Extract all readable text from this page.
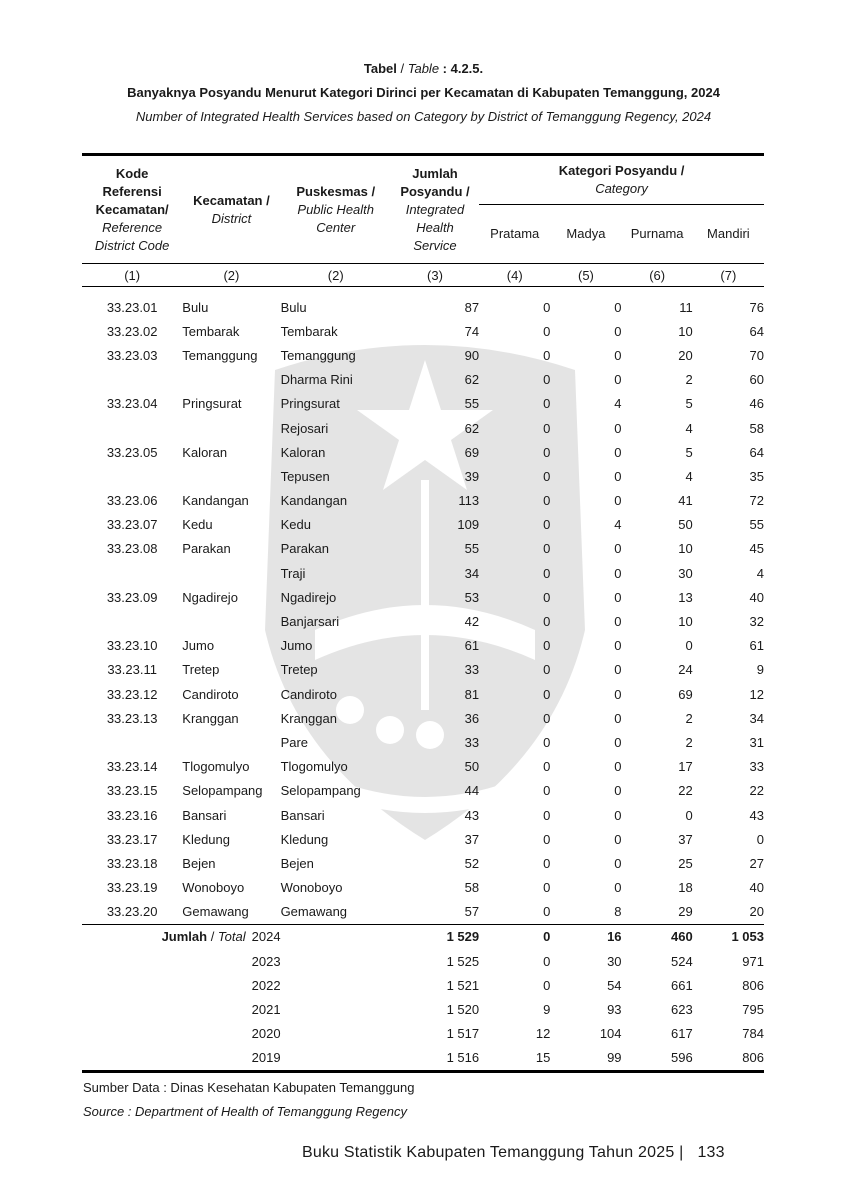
Tabel / Table : 4.2.5.
Banyaknya Posyandu Menurut Kategori Dirinci per Kecamatan di Kabupaten Temanggung, 2024
Number of Integrated Health Services based on Category by District of Temanggung Regency, 2024
Kode
Referensi
Kecamatan/
Reference
District Code	Kecamatan /
District	Puskesmas /
Public Health
Center	Jumlah
Posyandu /
Integrated
Health
Service	Kategori Posyandu /
Category			
				Pratama	Madya	Purnama	Mandiri
(1)	(2)	(2)	(3)	(4)	(5)	(6)	(7)

33.23.01	Bulu	Bulu	87	0	0	11	76
33.23.02	Tembarak	Tembarak	74	0	0	10	64
33.23.03	Temanggung	Temanggung	90	0	0	20	70
		Dharma Rini	62	0	0	2	60
33.23.04	Pringsurat	Pringsurat	55	0	4	5	46
		Rejosari	62	0	0	4	58
33.23.05	Kaloran	Kaloran	69	0	0	5	64
		Tepusen	39	0	0	4	35
33.23.06	Kandangan	Kandangan	113	0	0	41	72
33.23.07	Kedu	Kedu	109	0	4	50	55
33.23.08	Parakan	Parakan	55	0	0	10	45
		Traji	34	0	0	30	4
33.23.09	Ngadirejo	Ngadirejo	53	0	0	13	40
		Banjarsari	42	0	0	10	32
33.23.10	Jumo	Jumo	61	0	0	0	61
33.23.11	Tretep	Tretep	33	0	0	24	9
33.23.12	Candiroto	Candiroto	81	0	0	69	12
33.23.13	Kranggan	Kranggan	36	0	0	2	34
		Pare	33	0	0	2	31
33.23.14	Tlogomulyo	Tlogomulyo	50	0	0	17	33
33.23.15	Selopampang	Selopampang	44	0	0	22	22
33.23.16	Bansari	Bansari	43	0	0	0	43
33.23.17	Kledung	Kledung	37	0	0	37	0
33.23.18	Bejen	Bejen	52	0	0	25	27
33.23.19	Wonoboyo	Wonoboyo	58	0	0	18	40
33.23.20	Gemawang	Gemawang	57	0	8	29	20
Jumlah / Total 2024			1 529	0	16	460	1 053
2023			1 525	0	30	524	971
2022			1 521	0	54	661	806
2021			1 520	9	93	623	795
2020			1 517	12	104	617	784
2019			1 516	15	99	596	806
Sumber Data : Dinas Kesehatan Kabupaten Temanggung
Source : Department of Health of Temanggung Regency
Buku Statistik Kabupaten Temanggung Tahun 2025 | 133
